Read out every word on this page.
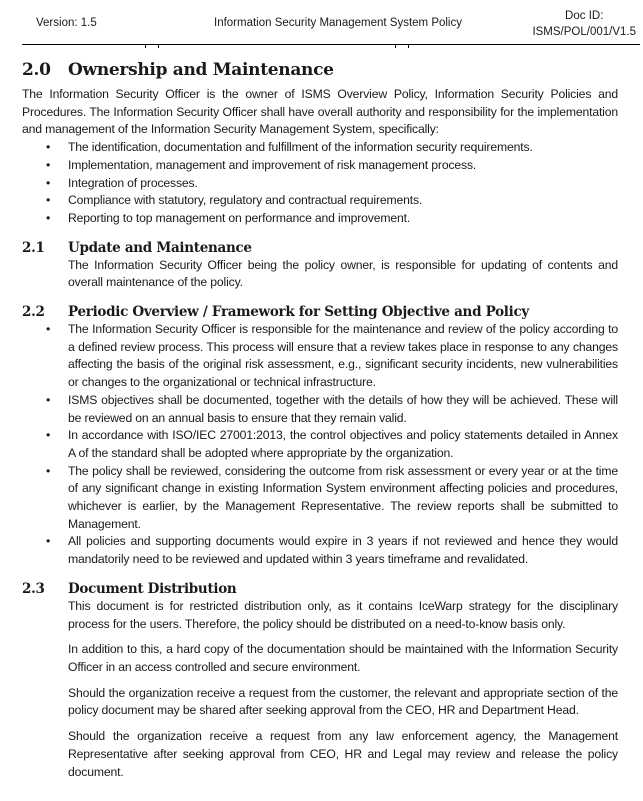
Version: 1.5	Information Security Management System Policy
Doc ID:
ISMS/POL/001/V1.5
2.0	Ownership and Maintenance

The Information Security Officer is the owner of ISMS Overview Policy, Information Security Policies and Procedures. The Information Security Officer shall have overall authority and responsibility for the implementation and management of the Information Security Management System, specifically:

• The identification, documentation and fulfillment of the information security requirements.
• Implementation, management and improvement of risk management process.
• Integration of processes.
• Compliance with statutory, regulatory and contractual requirements.
• Reporting to top management on performance and improvement.
2.1	Update and Maintenance

The Information Security Officer being the policy owner, is responsible for updating of contents and overall maintenance of the policy.

2.2	Periodic Overview / Framework for Setting Objective and Policy
• The Information Security Officer is responsible for the maintenance and review of the policy according to a defined review process. This process will ensure that a review takes place in response to any changes affecting the basis of the original risk assessment, e.g., significant security incidents, new vulnerabilities or changes to the organizational or technical infrastructure.
• ISMS objectives shall be documented, together with the details of how they will be achieved. These will be reviewed on an annual basis to ensure that they remain valid.
• In accordance with ISO/IEC 27001:2013, the control objectives and policy statements detailed in Annex A of the standard shall be adopted where appropriate by the organization.
• The policy shall be reviewed, considering the outcome from risk assessment or every year or at the time of any significant change in existing Information System environment affecting policies and procedures, whichever is earlier, by the Management Representative. The review reports shall be submitted to Management.
• All policies and supporting documents would expire in 3 years if not reviewed and hence they would mandatorily need to be reviewed and updated within 3 years timeframe and revalidated.
2.3	Document Distribution

This document is for restricted distribution only, as it contains IceWarp strategy for the disciplinary process for the users. Therefore, the policy should be distributed on a need-to-know basis only.

In addition to this, a hard copy of the documentation should be maintained with the Information Security Officer in an access controlled and secure environment.

Should the organization receive a request from the customer, the relevant and appropriate section of the policy document may be shared after seeking approval from the CEO, HR and Department Head.

Should the organization receive a request from any law enforcement agency, the Management Representative after seeking approval from CEO, HR and Legal may review and release the policy document.
